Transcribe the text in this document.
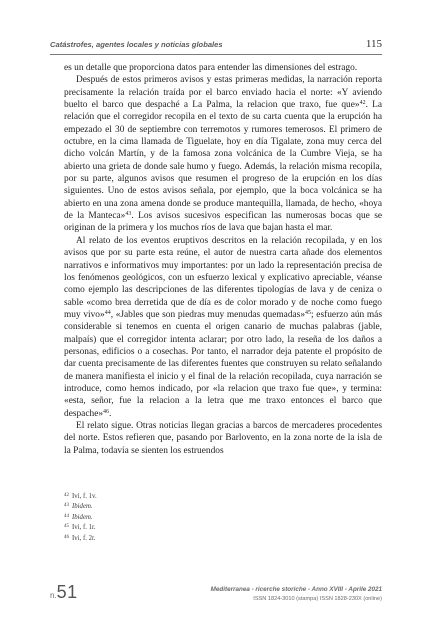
Catástrofes, agentes locales y noticias globales	115

es un detalle que proporciona datos para entender las dimensiones del estrago.

Después de estos primeros avisos y estas primeras medidas, la narración reporta precisamente la relación traída por el barco enviado hacia el norte: «Y aviendo buelto el barco que despaché a La Palma, la relacion que traxo, fue que»$^{42}$. La relación que el corregidor recopila en el texto de su carta cuenta que la erupción ha empezado el 30 de septiembre con terremotos y rumores temerosos. El primero de octubre, en la cima llamada de Tiguelate, hoy en día Tigalate, zona muy cerca del dicho volcán Martín, y de la famosa zona volcánica de la Cumbre Vieja, se ha abierto una grieta de donde sale humo y fuego. Además, la relación misma recopila, por su parte, algunos avisos que resumen el progreso de la erupción en los días siguientes. Uno de estos avisos señala, por ejemplo, que la boca volcánica se ha abierto en una zona amena donde se produce mantequilla, llamada, de hecho, «hoya de la Manteca»$^{43}$. Los avisos sucesivos especifican las numerosas bocas que se originan de la primera y los muchos ríos de lava que bajan hasta el mar.

Al relato de los eventos eruptivos descritos en la relación recopilada, y en los avisos que por su parte esta reúne, el autor de nuestra carta añade dos elementos narrativos e informativos muy importantes: por un lado la representación precisa de los fenómenos geológicos, con un esfuerzo lexical y explicativo apreciable, véanse como ejemplo las descripciones de las diferentes tipologías de lava y de ceniza o sable «como brea derretida que de día es de color morado y de noche como fuego muy vivo»$^{44}$, «Jables que son piedras muy menudas quemadas»$^{45}$; esfuerzo aún más considerable si tenemos en cuenta el origen canario de muchas palabras (jable, malpaís) que el corregidor intenta aclarar; por otro lado, la reseña de los daños a personas, edificios o a cosechas. Por tanto, el narrador deja patente el propósito de dar cuenta precisamente de las diferentes fuentes que construyen su relato señalando de manera manifiesta el inicio y el final de la relación recopilada, cuya narración se introduce, como hemos indicado, por «la relacion que traxo fue que», y termina: «esta, señor, fue la relacion a la letra que me traxo entonces el barco que despache»$^{46}$.

El relato sigue. Otras noticias llegan gracias a barcos de mercaderes procedentes del norte. Estos refieren que, pasando por Barlovento, en la zona norte de la isla de la Palma, todavía se sienten los estruendos

$^{42}$ Ivi, f. 1v.
$^{43}$ Ibidem.
$^{44}$ Ibidem.
$^{45}$ Ivi, f. 1r.
$^{46}$ Ivi, f. 2r.
n.51	Mediterranea - ricerche storiche - Anno XVIII - Aprile 2021
ISSN 1824-3010 (stampa) ISSN 1828-230X (online)
